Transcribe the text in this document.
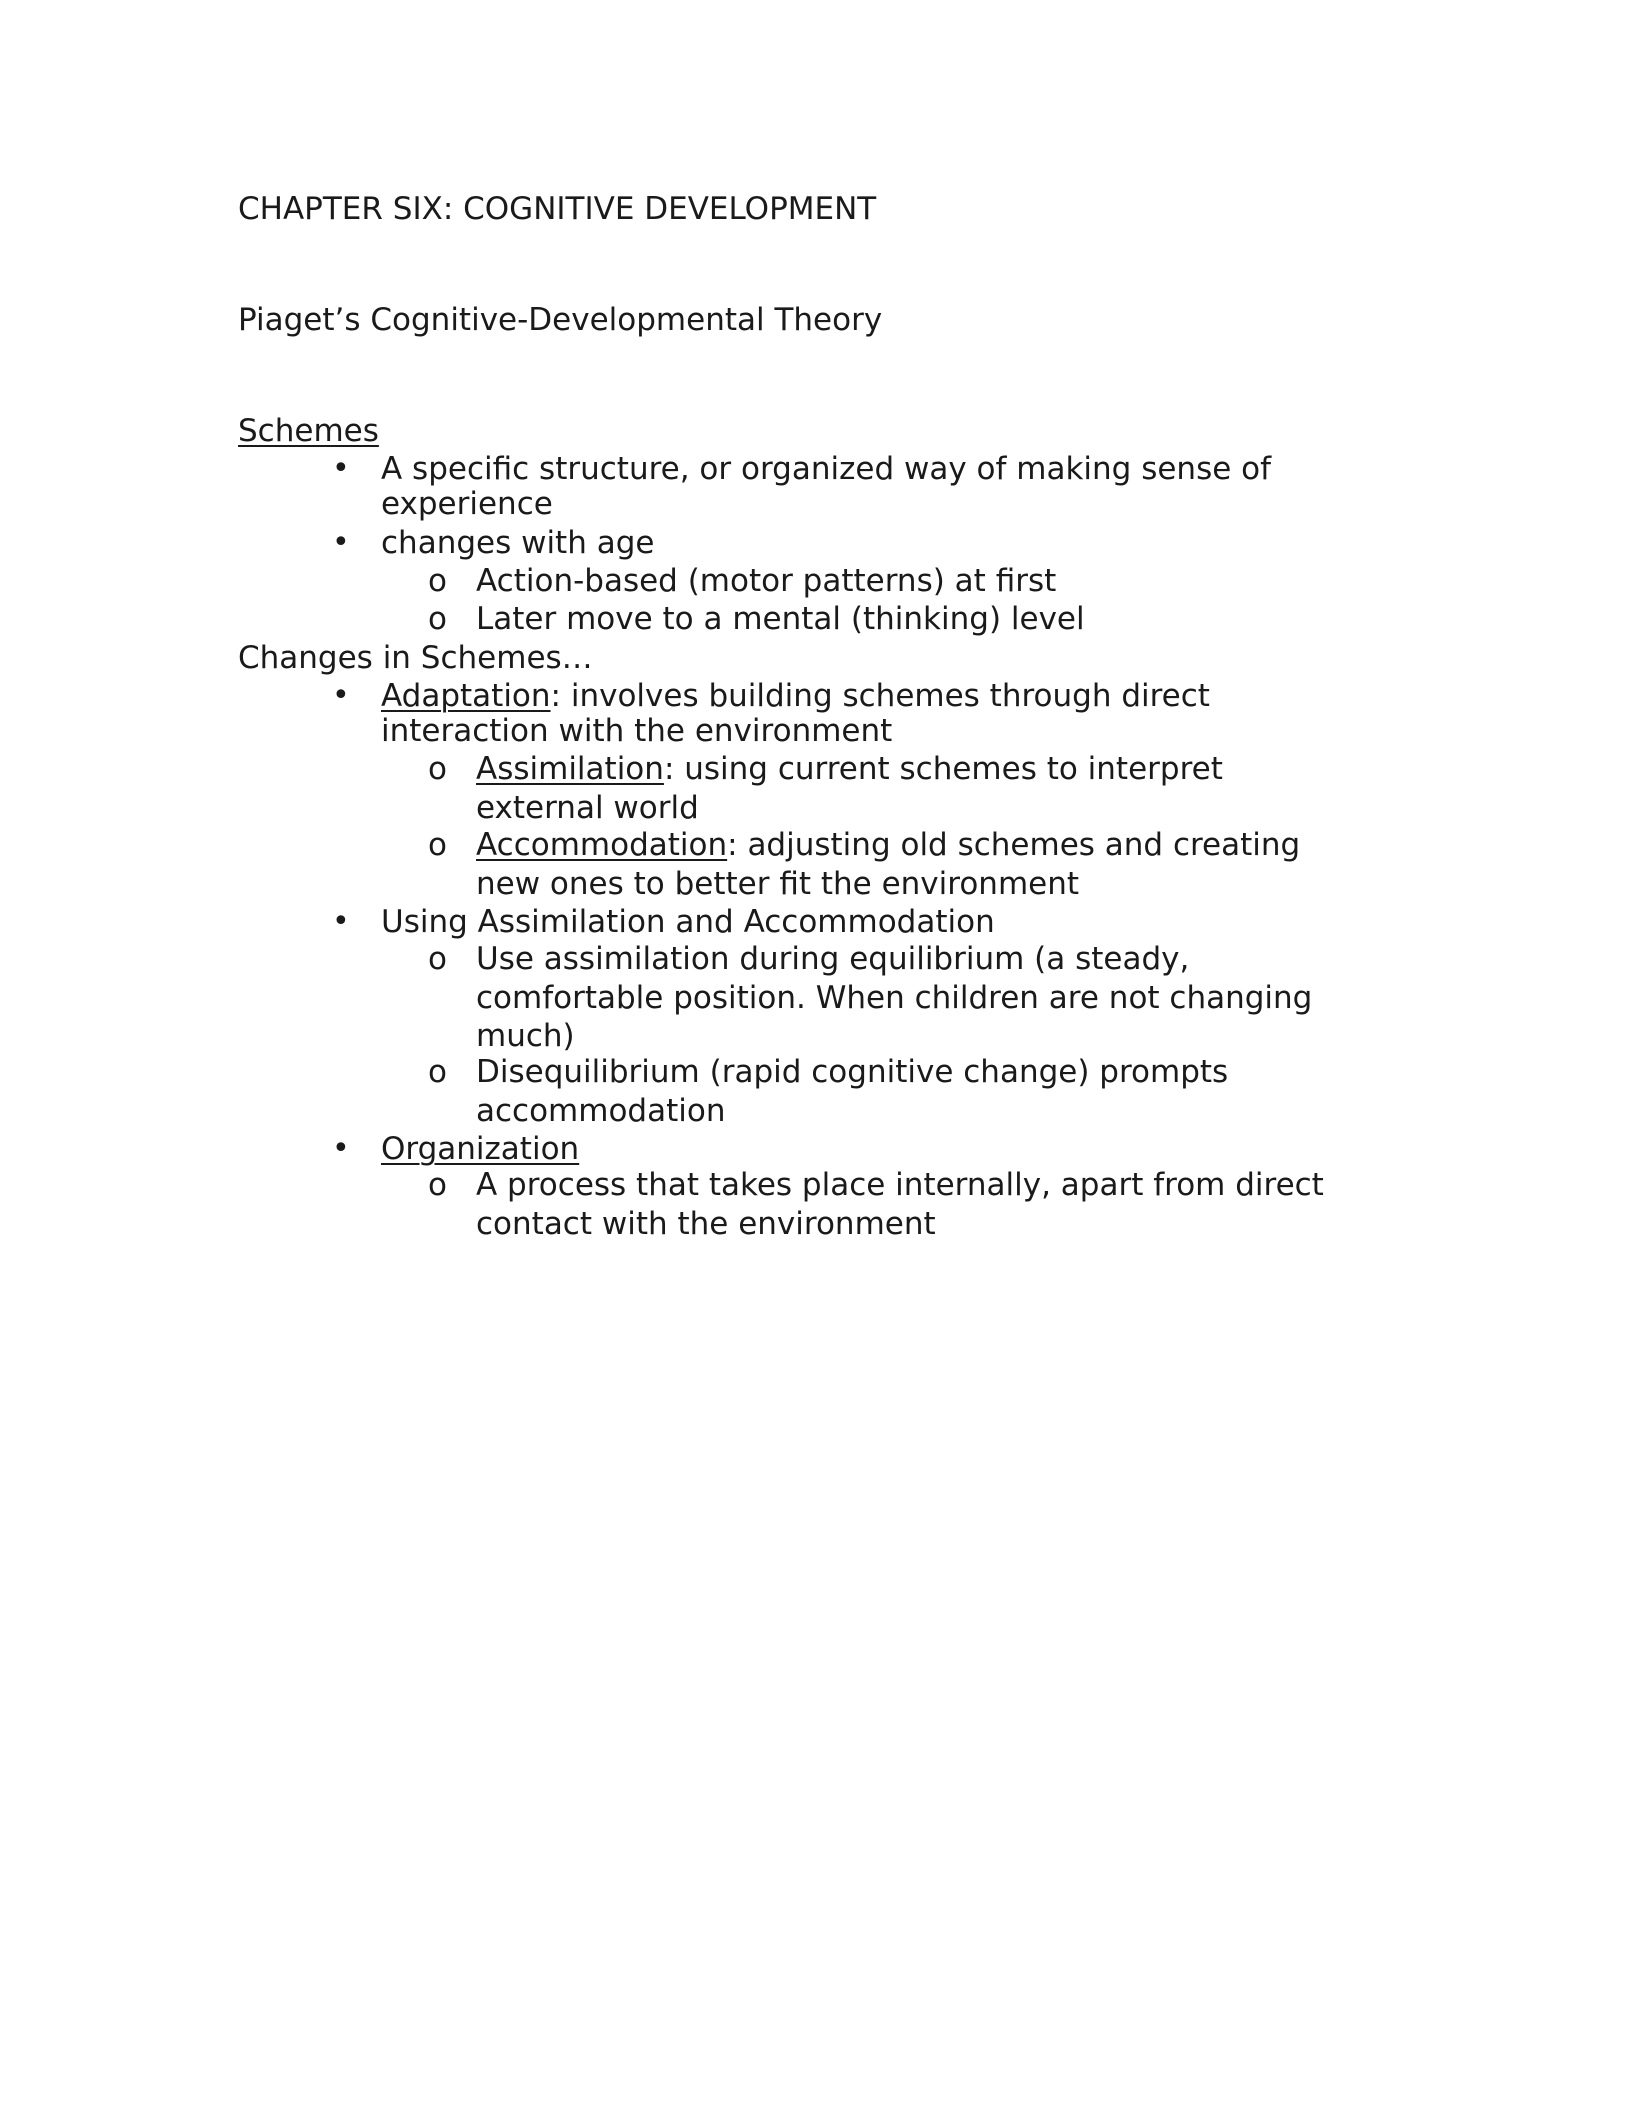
CHAPTER SIX: COGNITIVE DEVELOPMENT
Piaget’s Cognitive-Developmental Theory
Schemes
• A specific structure, or organized way of making sense of
experience
• changes with age
o Action-based (motor patterns) at first
o Later move to a mental (thinking) level
Changes in Schemes…
• Adaptation: involves building schemes through direct
interaction with the environment
o Assimilation: using current schemes to interpret
external world
o Accommodation: adjusting old schemes and creating
new ones to better fit the environment
• Using Assimilation and Accommodation
o Use assimilation during equilibrium (a steady,
comfortable position. When children are not changing
much)
o Disequilibrium (rapid cognitive change) prompts
accommodation
• Organization
o A process that takes place internally, apart from direct
contact with the environment
